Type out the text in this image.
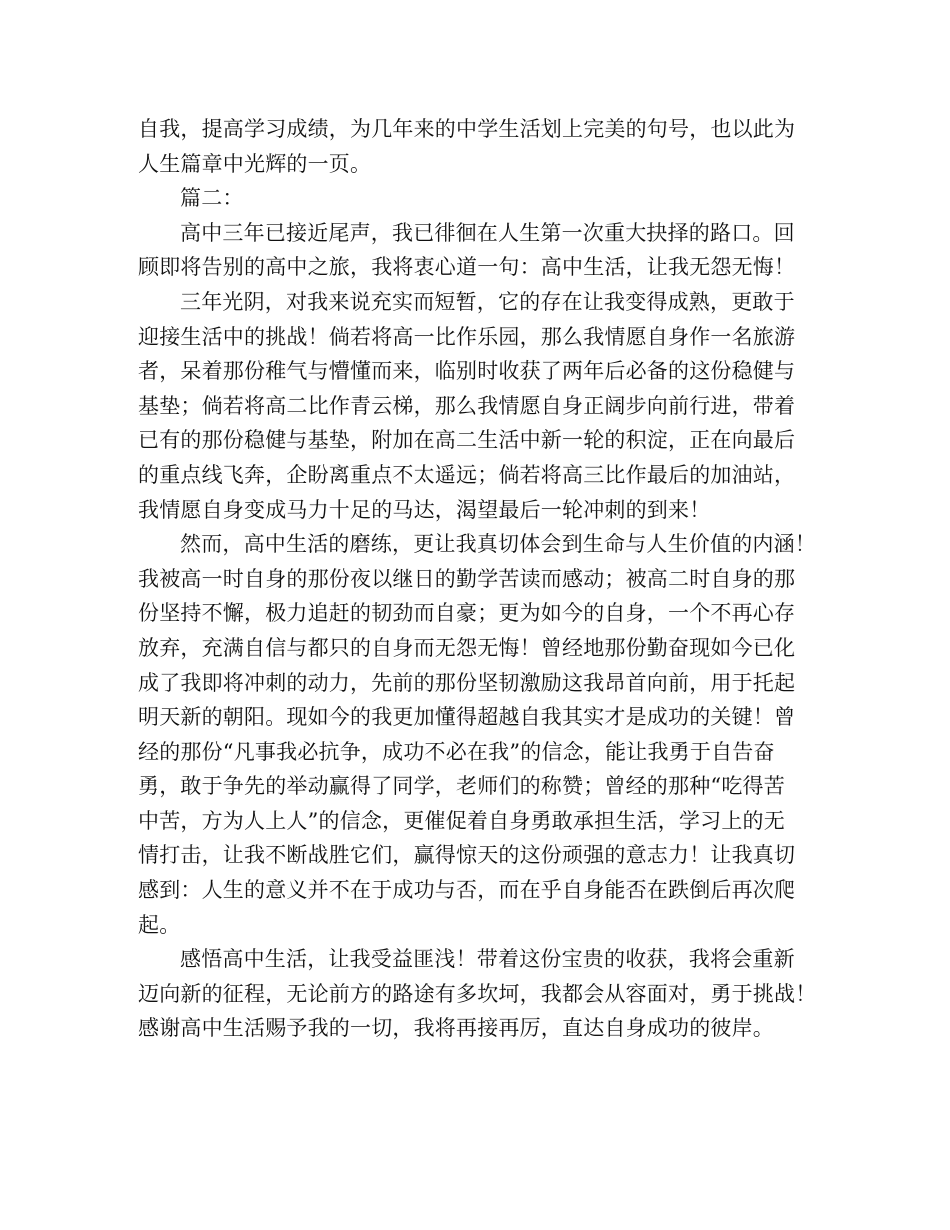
自我，提高学习成绩，为几年来的中学生活划上完美的句号，也以此为
人生篇章中光辉的一页。
篇二：
高中三年已接近尾声，我已徘徊在人生第一次重大抉择的路口。回
顾即将告别的高中之旅，我将衷心道一句：高中生活，让我无怨无悔！
三年光阴，对我来说充实而短暂，它的存在让我变得成熟，更敢于
迎接生活中的挑战！倘若将高一比作乐园，那么我情愿自身作一名旅游
者，呆着那份稚气与懵懂而来，临别时收获了两年后必备的这份稳健与
基垫；倘若将高二比作青云梯，那么我情愿自身正阔步向前行进，带着
已有的那份稳健与基垫，附加在高二生活中新一轮的积淀，正在向最后
的重点线飞奔，企盼离重点不太遥远；倘若将高三比作最后的加油站，
我情愿自身变成马力十足的马达，渴望最后一轮冲刺的到来！
然而，高中生活的磨练，更让我真切体会到生命与人生价值的内涵！
我被高一时自身的那份夜以继日的勤学苦读而感动；被高二时自身的那
份坚持不懈，极力追赶的韧劲而自豪；更为如今的自身，一个不再心存
放弃，充满自信与都只的自身而无怨无悔！曾经地那份勤奋现如今已化
成了我即将冲刺的动力，先前的那份坚韧激励这我昂首向前，用于托起
明天新的朝阳。现如今的我更加懂得超越自我其实才是成功的关键！曾
经的那份“凡事我必抗争，成功不必在我”的信念，能让我勇于自告奋
勇，敢于争先的举动赢得了同学，老师们的称赞；曾经的那种“吃得苦
中苦，方为人上人”的信念，更催促着自身勇敢承担生活，学习上的无
情打击，让我不断战胜它们，赢得惊天的这份顽强的意志力！让我真切
感到：人生的意义并不在于成功与否，而在乎自身能否在跌倒后再次爬
起。
感悟高中生活，让我受益匪浅！带着这份宝贵的收获，我将会重新
迈向新的征程，无论前方的路途有多坎坷，我都会从容面对，勇于挑战！
感谢高中生活赐予我的一切，我将再接再厉，直达自身成功的彼岸。
